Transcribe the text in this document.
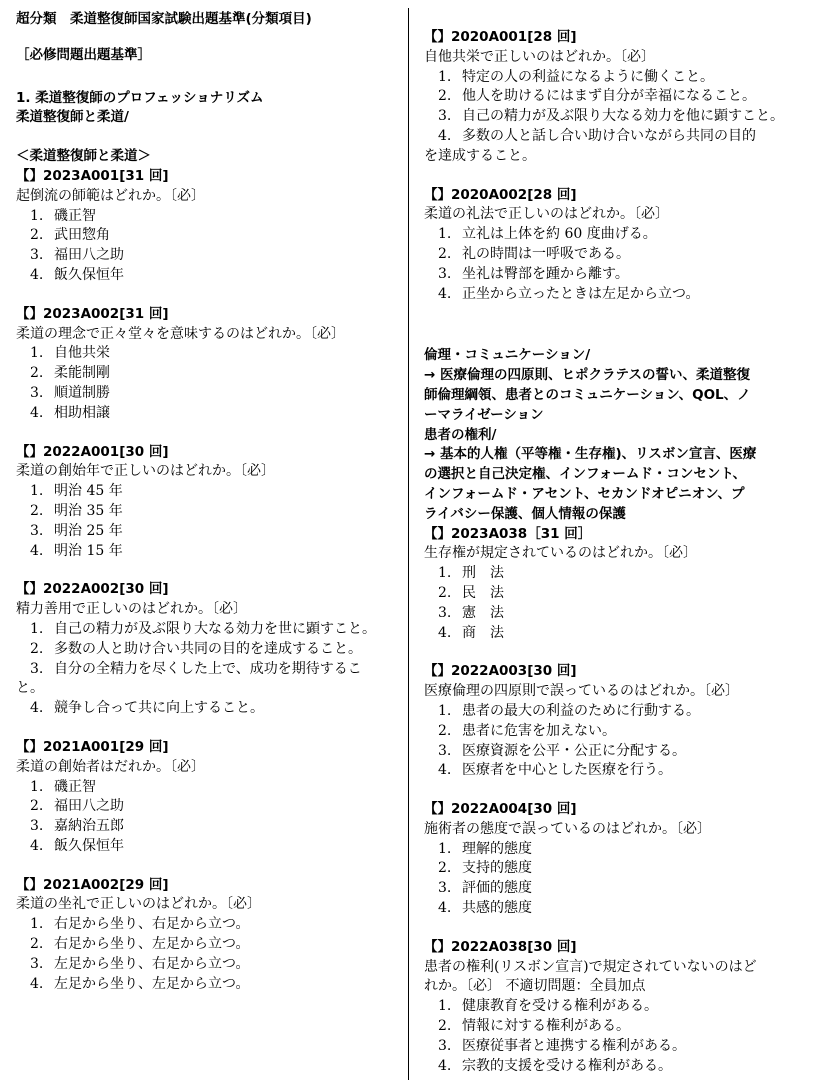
超分類　柔道整復師国家試験出題基準(分類項目)
［必修問題出題基準］
1. 柔道整復師のプロフェッショナリズム
柔道整復師と柔道/
＜柔道整復師と柔道＞
【】2023A001[31 回]
起倒流の師範はどれか。〔必〕
1. 磯正智
2. 武田惣角
3. 福田八之助
4. 飯久保恒年
【】2023A002[31 回]
柔道の理念で正々堂々を意味するのはどれか。〔必〕
1. 自他共栄
2. 柔能制剛
3. 順道制勝
4. 相助相譲
【】2022A001[30 回]
柔道の創始年で正しいのはどれか。〔必〕
1. 明治 45 年
2. 明治 35 年
3. 明治 25 年
4. 明治 15 年
【】2022A002[30 回]
精力善用で正しいのはどれか。〔必〕
1. 自己の精力が及ぶ限り大なる効力を世に顕すこと。
2. 多数の人と助け合い共同の目的を達成すること。
3. 自分の全精力を尽くした上で、成功を期待するこ
と。
4. 競争し合って共に向上すること。
【】2021A001[29 回]
柔道の創始者はだれか。〔必〕
1. 磯正智
2. 福田八之助
3. 嘉納治五郎
4. 飯久保恒年
【】2021A002[29 回]
柔道の坐礼で正しいのはどれか。〔必〕
1. 右足から坐り、右足から立つ。
2. 右足から坐り、左足から立つ。
3. 左足から坐り、右足から立つ。
4. 左足から坐り、左足から立つ。
【】2020A001[28 回]
自他共栄で正しいのはどれか。〔必〕
1. 特定の人の利益になるように働くこと。
2. 他人を助けるにはまず自分が幸福になること。
3. 自己の精力が及ぶ限り大なる効力を他に顕すこと。
4. 多数の人と話し合い助け合いながら共同の目的
を達成すること。
【】2020A002[28 回]
柔道の礼法で正しいのはどれか。〔必〕
1. 立礼は上体を約 60 度曲げる。
2. 礼の時間は一呼吸である。
3. 坐礼は臀部を踵から離す。
4. 正坐から立ったときは左足から立つ。
倫理・コミュニケーション/
→ 医療倫理の四原則、ヒポクラテスの誓い、柔道整復
師倫理綱領、患者とのコミュニケーション、QOL、ノ
ーマライゼーション
患者の権利/
→ 基本的人権（平等権・生存権)、リスボン宣言、医療
の選択と自己決定権、インフォームド・コンセント、
インフォームド・アセント、セカンドオピニオン、プ
ライバシー保護、個人情報の保護
【】2023A038［31 回］
生存権が規定されているのはどれか。〔必〕
1. 刑　法
2. 民　法
3. 憲　法
4. 商　法
【】2022A003[30 回]
医療倫理の四原則で誤っているのはどれか。〔必〕
1. 患者の最大の利益のために行動する。
2. 患者に危害を加えない。
3. 医療資源を公平・公正に分配する。
4. 医療者を中心とした医療を行う。
【】2022A004[30 回]
施術者の態度で誤っているのはどれか。〔必〕
1. 理解的態度
2. 支持的態度
3. 評価的態度
4. 共感的態度
【】2022A038[30 回]
患者の権利(リスボン宣言)で規定されていないのはど
れか。〔必〕 不適切問題：全員加点
1. 健康教育を受ける権利がある。
2. 情報に対する権利がある。
3. 医療従事者と連携する権利がある。
4. 宗教的支援を受ける権利がある。
